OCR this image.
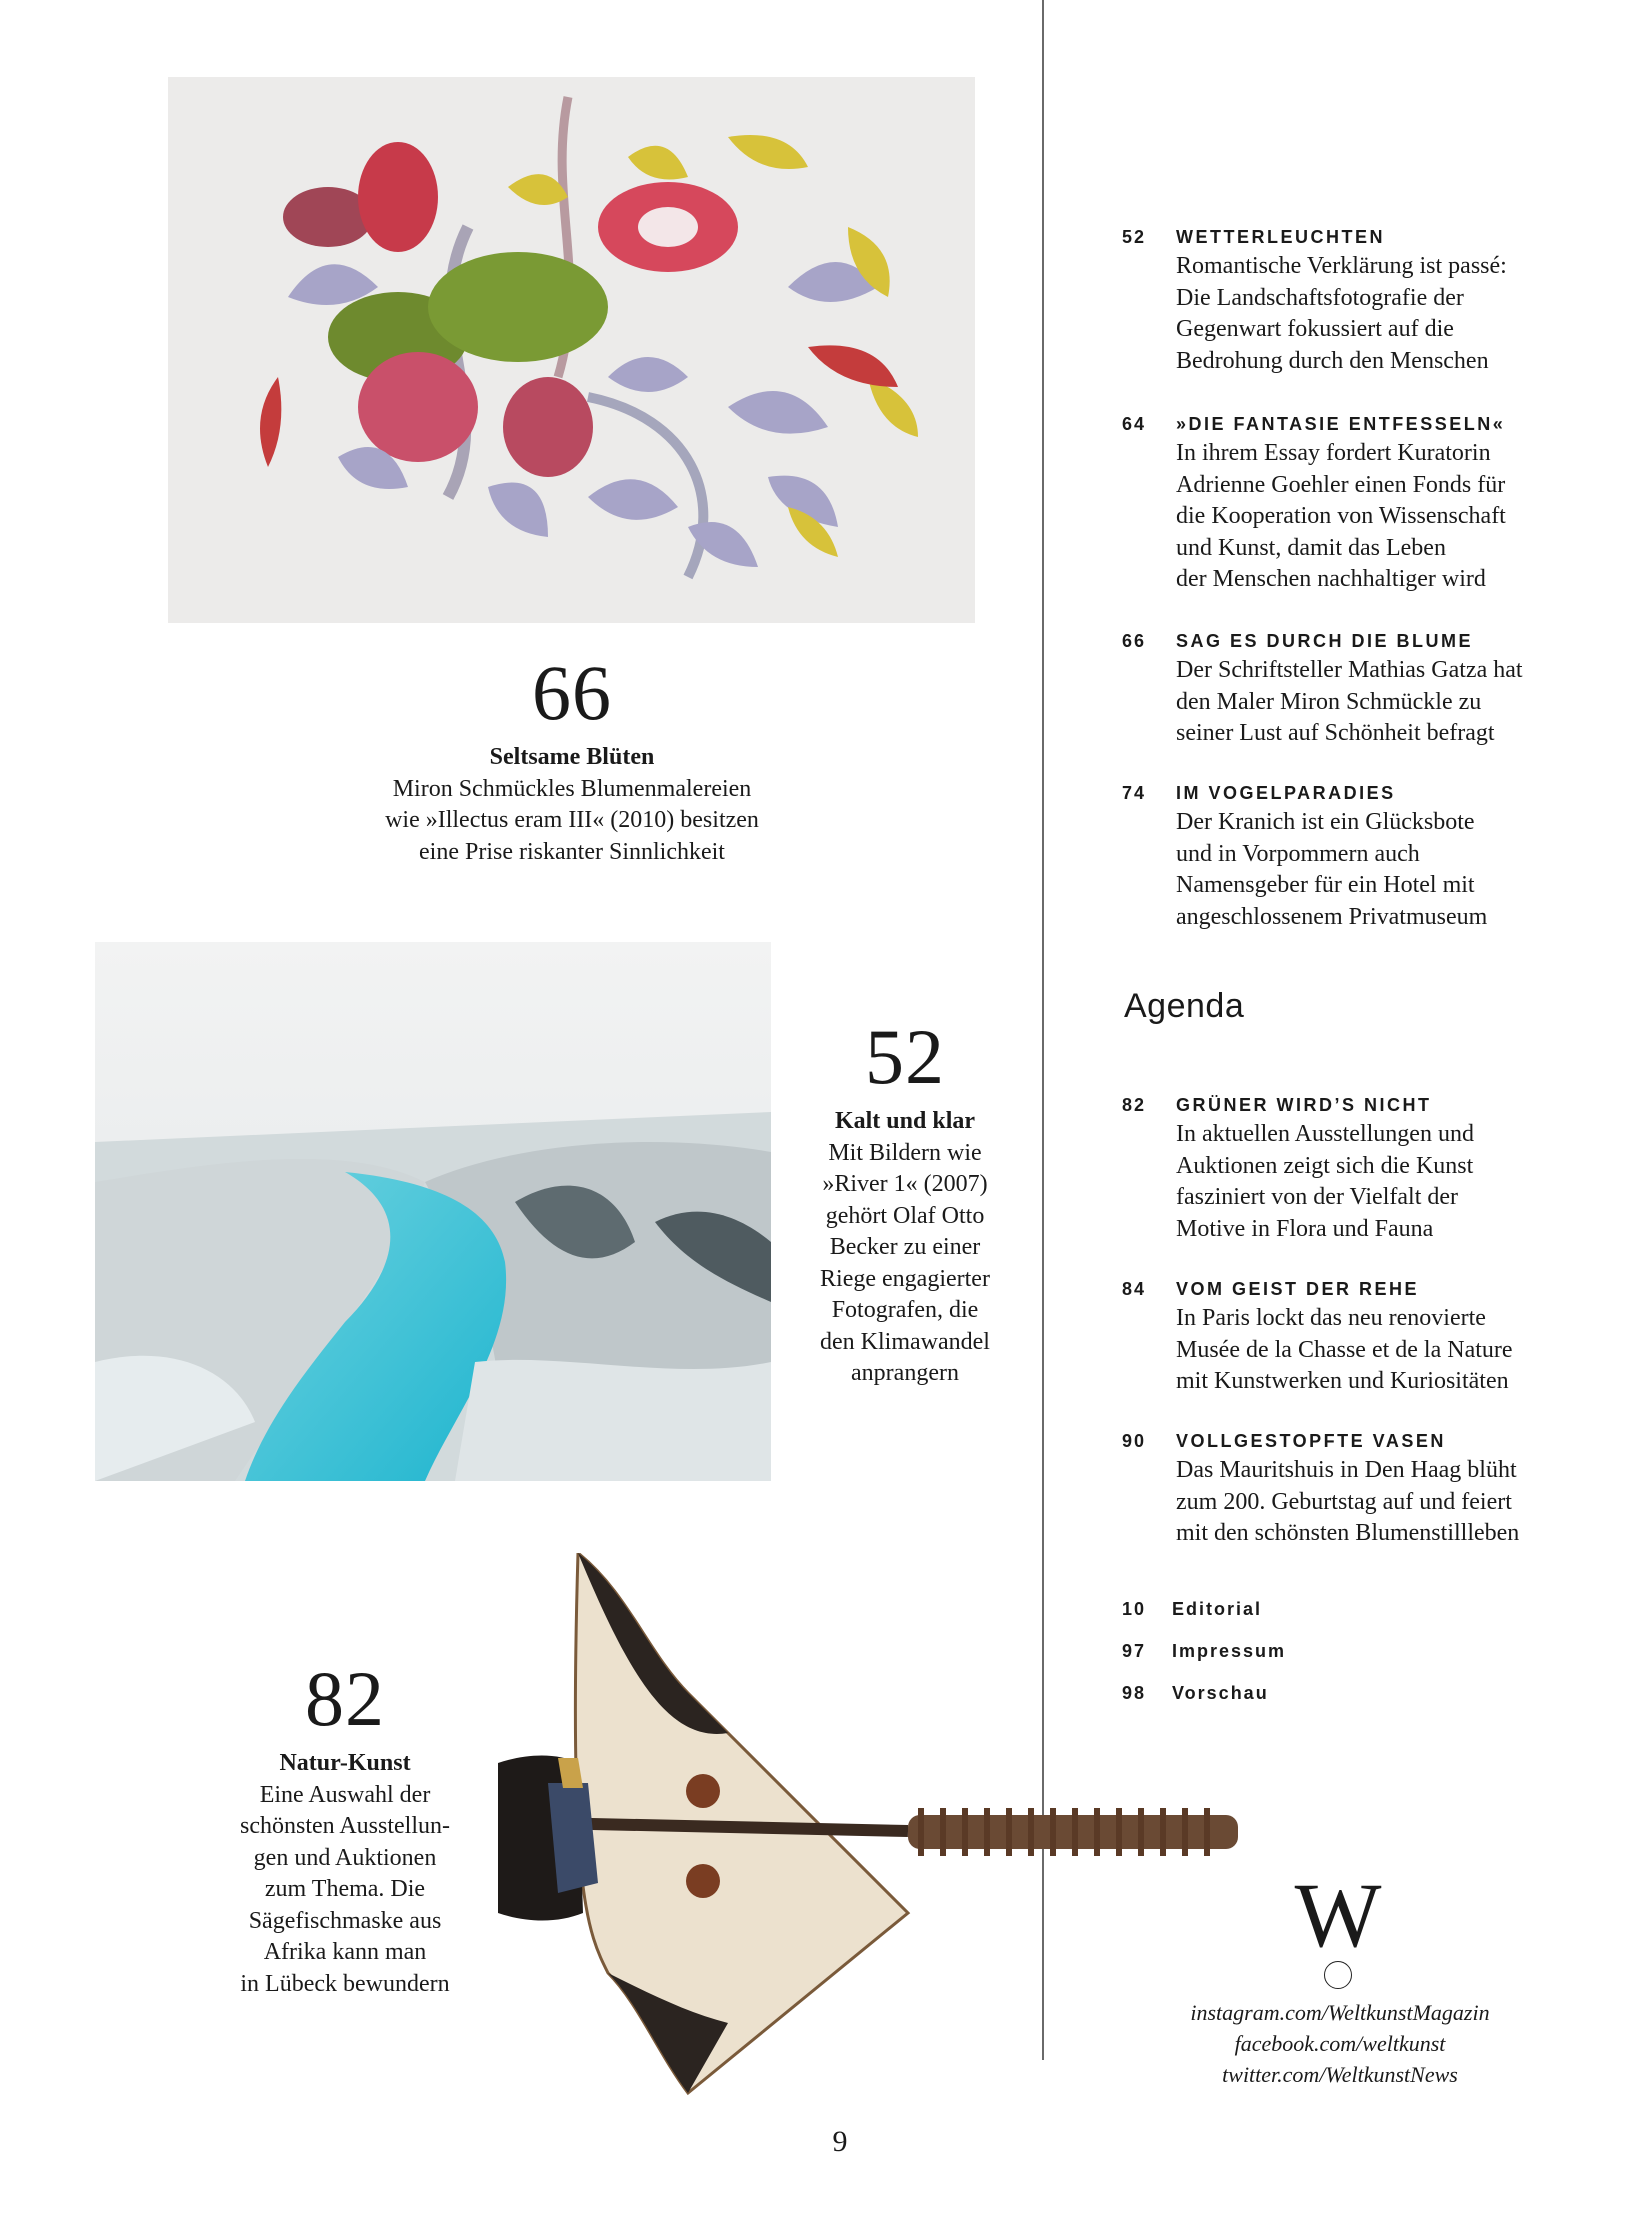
66
Seltsame Blüten
Miron Schmückles Blumenmalereien
wie »Illectus eram III« (2010) besitzen
eine Prise riskanter Sinnlichkeit
52
Kalt und klar
Mit Bildern wie
»River 1« (2007)
gehört Olaf Otto
Becker zu einer
Riege engagierter
Fotografen, die
den Klimawandel
anprangern
82
Natur-Kunst
Eine Auswahl der
schönsten Ausstellun-
gen und Auktionen
zum Thema. Die
Sägefischmaske aus
Afrika kann man
in Lübeck bewundern
52 WETTERLEUCHTEN
Romantische Verklärung ist passé:
Die Landschaftsfotografie der
Gegenwart fokussiert auf die
Bedrohung durch den Menschen
64 »DIE FANTASIE ENTFESSELN«
In ihrem Essay fordert Kuratorin
Adrienne Goehler einen Fonds für
die Kooperation von Wissenschaft
und Kunst, damit das Leben
der Menschen nachhaltiger wird
66 SAG ES DURCH DIE BLUME
Der Schriftsteller Mathias Gatza hat
den Maler Miron Schmückle zu
seiner Lust auf Schönheit befragt
74 IM VOGELPARADIES
Der Kranich ist ein Glücksbote
und in Vorpommern auch
Namensgeber für ein Hotel mit
angeschlossenem Privatmuseum
Agenda
82 GRÜNER WIRD’S NICHT
In aktuellen Ausstellungen und
Auktionen zeigt sich die Kunst
fasziniert von der Vielfalt der
Motive in Flora und Fauna
84 VOM GEIST DER REHE
In Paris lockt das neu renovierte
Musée de la Chasse et de la Nature
mit Kunstwerken und Kuriositäten
90 VOLLGESTOPFTE VASEN
Das Mauritshuis in Den Haag blüht
zum 200. Geburtstag auf und feiert
mit den schönsten Blumenstillleben
10 Editorial
97 Impressum
98 Vorschau
W
instagram.com/WeltkunstMagazin
facebook.com/weltkunst
twitter.com/WeltkunstNews
9
